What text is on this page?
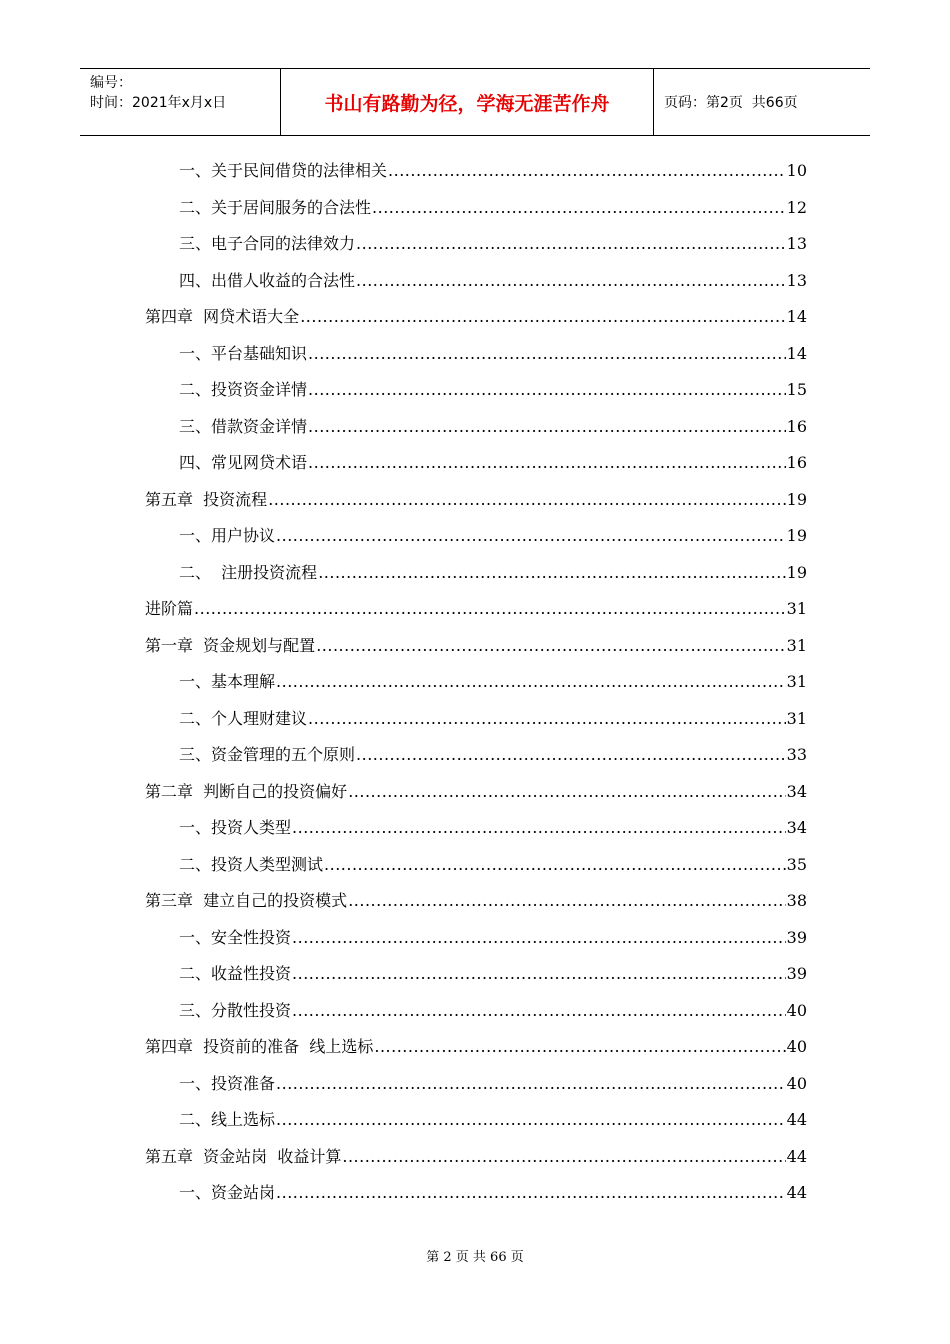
编号：
时间：2021年x月x日	书山有路勤为径，学海无涯苦作舟	页码：第2页  共66页
一、关于民间借贷的法律相关 .....	10
二、关于居间服务的合法性 .....	12
三、电子合同的法律效力 .....	13
四、出借人收益的合法性 .....	13
第四章  网贷术语大全 .....	14
一、平台基础知识 .....	14
二、投资资金详情 .....	15
三、借款资金详情 .....	16
四、常见网贷术语 .....	16
第五章  投资流程 .....	19
一、用户协议 .....	19
二、  注册投资流程 .....	19
进阶篇 .....	31
第一章  资金规划与配置 .....	31
一、基本理解 .....	31
二、个人理财建议 .....	31
三、资金管理的五个原则 .....	33
第二章  判断自己的投资偏好 .....	34
一、投资人类型 .....	34
二、投资人类型测试 .....	35
第三章  建立自己的投资模式 .....	38
一、安全性投资 .....	39
二、收益性投资 .....	39
三、分散性投资 .....	40
第四章  投资前的准备  线上选标 .....	40
一、投资准备 .....	40
二、线上选标 .....	44
第五章  资金站岗  收益计算 .....	44
一、资金站岗 .....	44
第 2 页 共 66 页
